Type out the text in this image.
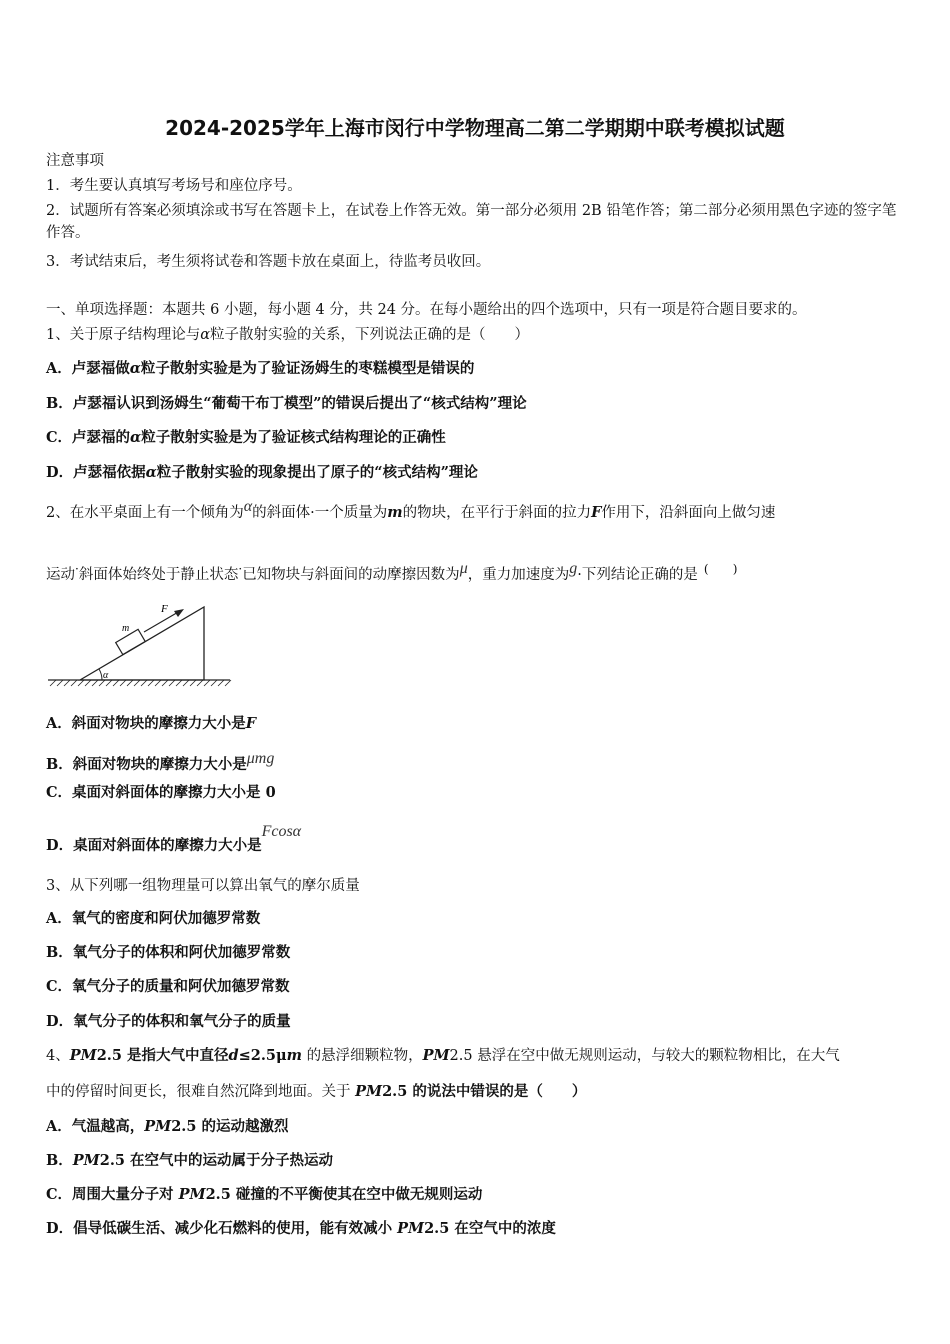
2024-2025学年上海市闵行中学物理高二第二学期期中联考模拟试题
注意事项
1．考生要认真填写考场号和座位序号。
2．试题所有答案必须填涂或书写在答题卡上，在试卷上作答无效。第一部分必须用 2B 铅笔作答；第二部分必须用黑色字迹的签字笔作答。
3．考试结束后，考生须将试卷和答题卡放在桌面上，待监考员收回。
一、单项选择题：本题共 6 小题，每小题 4 分，共 24 分。在每小题给出的四个选项中，只有一项是符合题目要求的。
1、关于原子结构理论与α粒子散射实验的关系，下列说法正确的是（　　）
A．卢瑟福做α粒子散射实验是为了验证汤姆生的枣糕模型是错误的
B．卢瑟福认识到汤姆生“葡萄干布丁模型”的错误后提出了“核式结构”理论
C．卢瑟福的α粒子散射实验是为了验证核式结构理论的正确性
D．卢瑟福依据α粒子散射实验的现象提出了原子的“核式结构”理论
2、在水平桌面上有一个倾角为$^\alpha$的斜面体·一个质量为m的物块，在平行于斜面的拉力F作用下，沿斜面向上做匀速
运动·斜面体始终处于静止状态·已知物块与斜面间的动摩擦因数为$^\mu$，重力加速度为$^g$·下列结论正确的是 (　　)
α
m
F
A．斜面对物块的摩擦力大小是F
B．斜面对物块的摩擦力大小是$^{\mu mg}$
C．桌面对斜面体的摩擦力大小是 0
D．桌面对斜面体的摩擦力大小是$^{Fcos\alpha}$
3、从下列哪一组物理量可以算出氧气的摩尔质量
A．氧气的密度和阿伏加德罗常数
B．氧气分子的体积和阿伏加德罗常数
C．氧气分子的质量和阿伏加德罗常数
D．氧气分子的体积和氧气分子的质量
4、PM2.5 是指大气中直径d≤2.5μm 的悬浮细颗粒物，PM2.5 悬浮在空中做无规则运动，与较大的颗粒物相比，在大气
中的停留时间更长，很难自然沉降到地面。关于 PM2.5 的说法中错误的是（　　）
A．气温越高，PM2.5 的运动越激烈
B．PM2.5 在空气中的运动属于分子热运动
C．周围大量分子对 PM2.5 碰撞的不平衡使其在空中做无规则运动
D．倡导低碳生活、减少化石燃料的使用，能有效减小 PM2.5 在空气中的浓度
